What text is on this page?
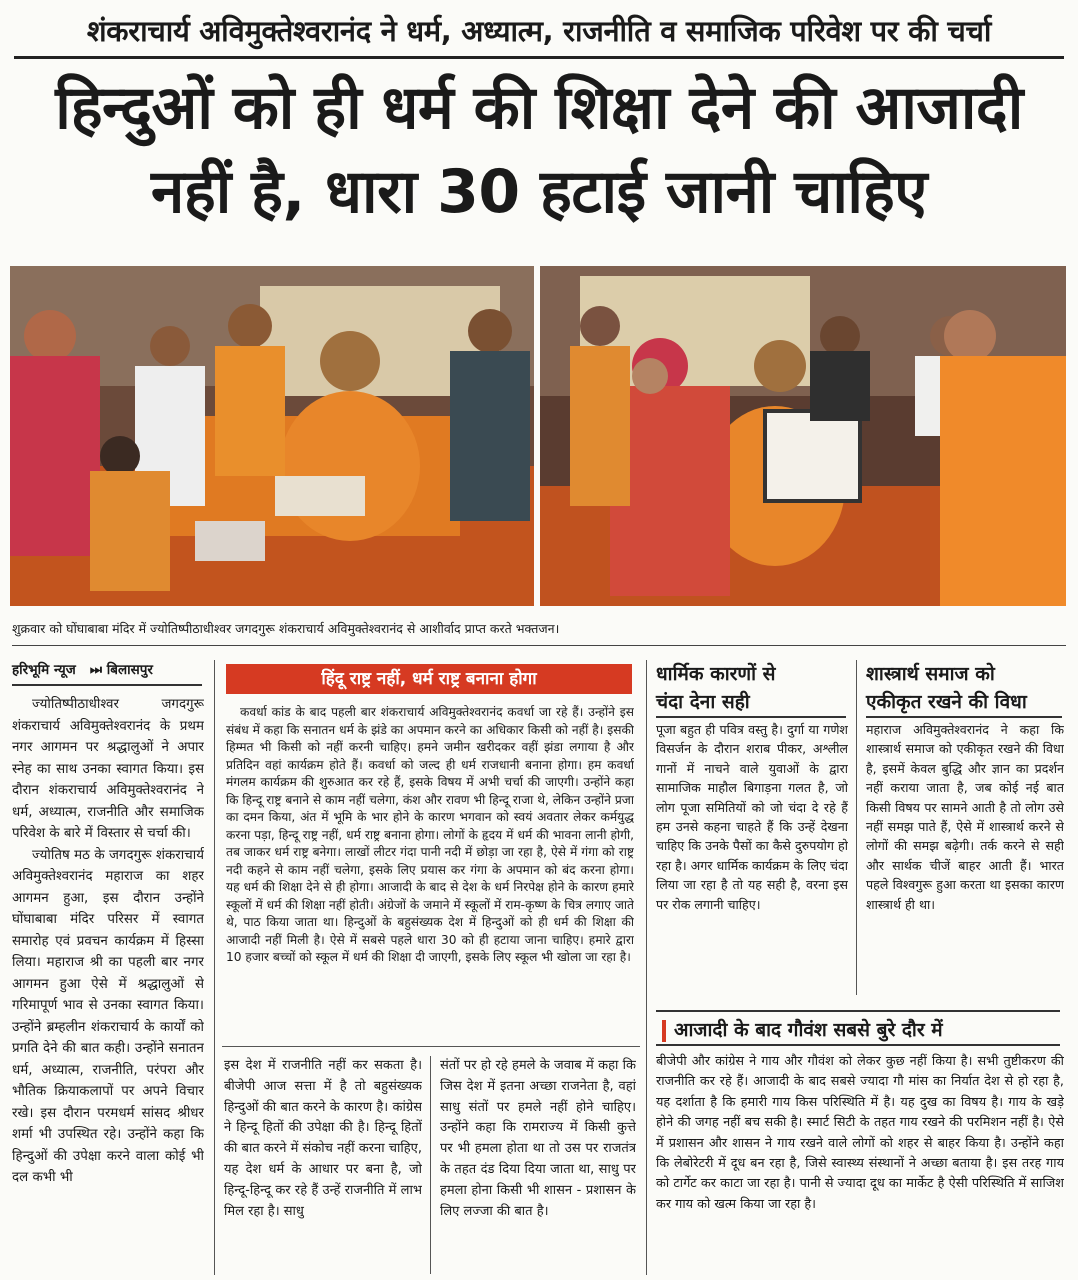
शंकराचार्य अविमुक्तेश्वरानंद ने धर्म, अध्यात्म, राजनीति व समाजिक परिवेश पर की चर्चा
हिन्दुओं को ही धर्म की शिक्षा देने की आजादी
नहीं है, धारा 30 हटाई जानी चाहिए
शुक्रवार को घोंघाबाबा मंदिर में ज्योतिष्पीठाधीश्वर जगदगुरू शंकराचार्य अविमुक्तेश्वरानंद से आशीर्वाद प्राप्त करते भक्तजन।
हरिभूमि न्यूज ⏭ बिलासपुर

ज्योतिष्पीठाधीश्वर जगदगुरू शंकराचार्य अविमुक्तेश्वरानंद के प्रथम नगर आगमन पर श्रद्धालुओं ने अपार स्नेह का साथ उनका स्वागत किया। इस दौरान शंकराचार्य अविमुक्तेश्वरानंद ने धर्म, अध्यात्म, राजनीति और समाजिक परिवेश के बारे में विस्तार से चर्चा की।

ज्योतिष मठ के जगदगुरू शंकराचार्य अविमुक्तेश्वरानंद महाराज का शहर आगमन हुआ, इस दौरान उन्होंने घोंघाबाबा मंदिर परिसर में स्वागत समारोह एवं प्रवचन कार्यक्रम में हिस्सा लिया। महाराज श्री का पहली बार नगर आगमन हुआ ऐसे में श्रद्धालुओं से गरिमापूर्ण भाव से उनका स्वागत किया। उन्होंने ब्रम्हलीन शंकराचार्य के कार्यों को प्रगति देने की बात कही। उन्होंने सनातन धर्म, अध्यात्म, राजनीति, परंपरा और भौतिक क्रियाकलापों पर अपने विचार रखे। इस दौरान परमधर्म सांसद श्रीधर शर्मा भी उपस्थित रहे। उन्होंने कहा कि हिन्दुओं की उपेक्षा करने वाला कोई भी दल कभी भी

हिंदू राष्ट्र नहीं, धर्म राष्ट्र बनाना होगा

कवर्धा कांड के बाद पहली बार शंकराचार्य अविमुक्तेश्वरानंद कवर्धा जा रहे हैं। उन्होंने इस संबंध में कहा कि सनातन धर्म के झंडे का अपमान करने का अधिकार किसी को नहीं है। इसकी हिम्मत भी किसी को नहीं करनी चाहिए। हमने जमीन खरीदकर वहीं झंडा लगाया है और प्रतिदिन वहां कार्यक्रम होते हैं। कवर्धा को जल्द ही धर्म राजधानी बनाना होगा। हम कवर्धा मंगलम कार्यक्रम की शुरुआत कर रहे हैं, इसके विषय में अभी चर्चा की जाएगी। उन्होंने कहा कि हिन्दू राष्ट्र बनाने से काम नहीं चलेगा, कंश और रावण भी हिन्दू राजा थे, लेकिन उन्होंने प्रजा का दमन किया, अंत में भूमि के भार होने के कारण भगवान को स्वयं अवतार लेकर कर्मयुद्ध करना पड़ा, हिन्दू राष्ट्र नहीं, धर्म राष्ट्र बनाना होगा। लोगों के हृदय में धर्म की भावना लानी होगी, तब जाकर धर्म राष्ट्र बनेगा। लाखों लीटर गंदा पानी नदी में छोड़ा जा रहा है, ऐसे में गंगा को राष्ट्र नदी कहने से काम नहीं चलेगा, इसके लिए प्रयास कर गंगा के अपमान को बंद करना होगा। यह धर्म की शिक्षा देने से ही होगा। आजादी के बाद से देश के धर्म निरपेक्ष होने के कारण हमारे स्कूलों में धर्म की शिक्षा नहीं होती। अंग्रेजों के जमाने में स्कूलों में राम-कृष्ण के चित्र लगाए जाते थे, पाठ किया जाता था। हिन्दुओं के बहुसंख्यक देश में हिन्दुओं को ही धर्म की शिक्षा की आजादी नहीं मिली है। ऐसे में सबसे पहले धारा 30 को ही हटाया जाना चाहिए। हमारे द्वारा 10 हजार बच्चों को स्कूल में धर्म की शिक्षा दी जाएगी, इसके लिए स्कूल भी खोला जा रहा है।

इस देश में राजनीति नहीं कर सकता है। बीजेपी आज सत्ता में है तो बहुसंख्यक हिन्दुओं की बात करने के कारण है। कांग्रेस ने हिन्दू हितों की उपेक्षा की है। हिन्दू हितों की बात करने में संकोच नहीं करना चाहिए, यह देश धर्म के आधार पर बना है, जो हिन्दू-हिन्दू कर रहे हैं उन्हें राजनीति में लाभ मिल रहा है। साधु

संतों पर हो रहे हमले के जवाब में कहा कि जिस देश में इतना अच्छा राजनेता है, वहां साधु संतों पर हमले नहीं होने चाहिए। उन्होंने कहा कि रामराज्य में किसी कुत्ते पर भी हमला होता था तो उस पर राजतंत्र के तहत दंड दिया दिया जाता था, साधु पर हमला होना किसी भी शासन - प्रशासन के लिए लज्जा की बात है।

धार्मिक कारणों से
चंदा देना सही

पूजा बहुत ही पवित्र वस्तु है। दुर्गा या गणेश विसर्जन के दौरान शराब पीकर, अश्लील गानों में नाचने वाले युवाओं के द्वारा सामाजिक माहौल बिगाड़ना गलत है, जो लोग पूजा समितियों को जो चंदा दे रहे हैं हम उनसे कहना चाहते हैं कि उन्हें देखना चाहिए कि उनके पैसों का कैसे दुरुपयोग हो रहा है। अगर धार्मिक कार्यक्रम के लिए चंदा लिया जा रहा है तो यह सही है, वरना इस पर रोक लगानी चाहिए।

शास्त्रार्थ समाज को
एकीकृत रखने की विधा

महाराज अविमुक्तेश्वरानंद ने कहा कि शास्त्रार्थ समाज को एकीकृत रखने की विधा है, इसमें केवल बुद्धि और ज्ञान का प्रदर्शन नहीं कराया जाता है, जब कोई नई बात किसी विषय पर सामने आती है तो लोग उसे नहीं समझ पाते हैं, ऐसे में शास्त्रार्थ करने से लोगों की समझ बढ़ेगी। तर्क करने से सही और सार्थक चीजें बाहर आती हैं। भारत पहले विश्वगुरू हुआ करता था इसका कारण शास्त्रार्थ ही था।

आजादी के बाद गौवंश सबसे बुरे दौर में

बीजेपी और कांग्रेस ने गाय और गौवंश को लेकर कुछ नहीं किया है। सभी तुष्टीकरण की राजनीति कर रहे हैं। आजादी के बाद सबसे ज्यादा गौ मांस का निर्यात देश से हो रहा है, यह दर्शाता है कि हमारी गाय किस परिस्थिति में है। यह दुख का विषय है। गाय के खड़े होने की जगह नहीं बच सकी है। स्मार्ट सिटी के तहत गाय रखने की परमिशन नहीं है। ऐसे में प्रशासन और शासन ने गाय रखने वाले लोगों को शहर से बाहर किया है। उन्होंने कहा कि लेबोरेटरी में दूध बन रहा है, जिसे स्वास्थ्य संस्थानों ने अच्छा बताया है। इस तरह गाय को टार्गेट कर काटा जा रहा है। पानी से ज्यादा दूध का मार्केट है ऐसी परिस्थिति में साजिश कर गाय को खत्म किया जा रहा है।
